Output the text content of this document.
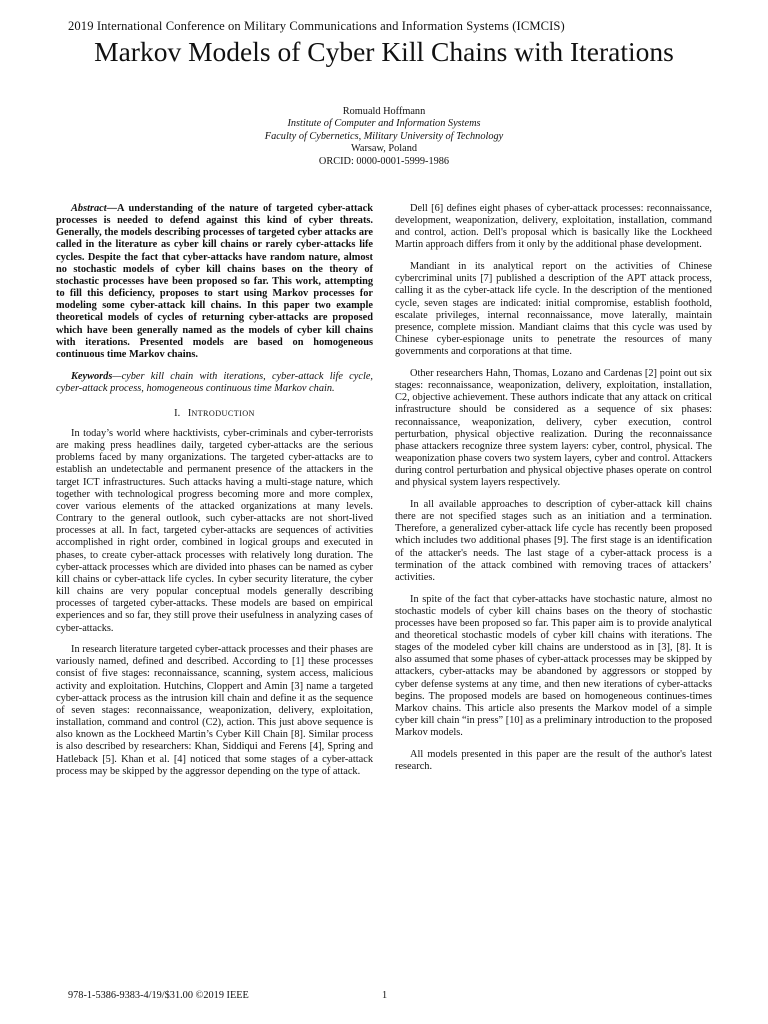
2019 International Conference on Military Communications and Information Systems (ICMCIS)
Markov Models of Cyber Kill Chains with Iterations
Romuald Hoffmann
Institute of Computer and Information Systems
Faculty of Cybernetics, Military University of Technology
Warsaw, Poland
ORCID: 0000-0001-5999-1986

Abstract—A understanding of the nature of targeted cyber-attack processes is needed to defend against this kind of cyber threats. Generally, the models describing processes of targeted cyber attacks are called in the literature as cyber kill chains or rarely cyber-attacks life cycles. Despite the fact that cyber-attacks have random nature, almost no stochastic models of cyber kill chains bases on the theory of stochastic processes have been proposed so far. This work, attempting to fill this deficiency, proposes to start using Markov processes for modeling some cyber-attack kill chains. In this paper two example theoretical models of cycles of returning cyber-attacks are proposed which have been generally named as the models of cyber kill chains with iterations. Presented models are based on homogeneous continuous time Markov chains.

Keywords—cyber kill chain with iterations, cyber-attack life cycle, cyber-attack process, homogeneous continuous time Markov chain.

I. INTRODUCTION

In today’s world where hacktivists, cyber-criminals and cyber-terrorists are making press headlines daily, targeted cyber-attacks are the serious problems faced by many organizations. The targeted cyber-attacks are to establish an undetectable and permanent presence of the attackers in the target ICT infrastructures. Such attacks having a multi-stage nature, which together with technological progress becoming more and more complex, cover various elements of the attacked organizations at many levels. Contrary to the general outlook, such cyber-attacks are not short-lived processes at all. In fact, targeted cyber-attacks are sequences of activities accomplished in right order, combined in logical groups and executed in phases, to create cyber-attack processes with relatively long duration. The cyber-attack processes which are divided into phases can be named as cyber kill chains or cyber-attack life cycles. In cyber security literature, the cyber kill chains are very popular conceptual models generally describing processes of targeted cyber-attacks. These models are based on empirical experiences and so far, they still prove their usefulness in analyzing cases of cyber-attacks.

In research literature targeted cyber-attack processes and their phases are variously named, defined and described. According to [1] these processes consist of five stages: reconnaissance, scanning, system access, malicious activity and exploitation. Hutchins, Cloppert and Amin [3] name a targeted cyber-attack process as the intrusion kill chain and define it as the sequence of seven stages: reconnaissance, weaponization, delivery, exploitation, installation, command and control (C2), action. This just above sequence is also known as the Lockheed Martin’s Cyber Kill Chain [8]. Similar process is also described by researchers: Khan, Siddiqui and Ferens [4], Spring and Hatleback [5]. Khan et al. [4] noticed that some stages of a cyber-attack process may be skipped by the aggressor depending on the type of attack.

Dell [6] defines eight phases of cyber-attack processes: reconnaissance, development, weaponization, delivery, exploitation, installation, command and control, action. Dell's proposal which is basically like the Lockheed Martin approach differs from it only by the additional phase development.

Mandiant in its analytical report on the activities of Chinese cybercriminal units [7] published a description of the APT attack process, calling it as the cyber-attack life cycle. In the description of the mentioned cycle, seven stages are indicated: initial compromise, establish foothold, escalate privileges, internal reconnaissance, move laterally, maintain presence, complete mission. Mandiant claims that this cycle was used by Chinese cyber-espionage units to penetrate the resources of many governments and corporations at that time.

Other researchers Hahn, Thomas, Lozano and Cardenas [2] point out six stages: reconnaissance, weaponization, delivery, exploitation, installation, C2, objective achievement. These authors indicate that any attack on critical infrastructure should be considered as a sequence of six phases: reconnaissance, weaponization, delivery, cyber execution, control perturbation, physical objective realization. During the reconnaissance phase attackers recognize three system layers: cyber, control, physical. The weaponization phase covers two system layers, cyber and control. Attackers during control perturbation and physical objective phases operate on control and physical system layers respectively.

In all available approaches to description of cyber-attack kill chains there are not specified stages such as an initiation and a termination. Therefore, a generalized cyber-attack life cycle has recently been proposed which includes two additional phases [9]. The first stage is an identification of the attacker's needs. The last stage of a cyber-attack process is a termination of the attack combined with removing traces of attackers’ activities.

In spite of the fact that cyber-attacks have stochastic nature, almost no stochastic models of cyber kill chains bases on the theory of stochastic processes have been proposed so far. This paper aim is to provide analytical and theoretical stochastic models of cyber kill chains with iterations. The stages of the modeled cyber kill chains are understood as in [3], [8]. It is also assumed that some phases of cyber-attack processes may be skipped by attackers, cyber-attacks may be abandoned by aggressors or stopped by cyber defense systems at any time, and then new iterations of cyber-attacks begins. The proposed models are based on homogeneous continues-times Markov chains. This article also presents the Markov model of a simple cyber kill chain “in press” [10] as a preliminary introduction to the proposed Markov models.

All models presented in this paper are the result of the author's latest research.

978-1-5386-9383-4/19/$31.00 ©2019 IEEE	1
